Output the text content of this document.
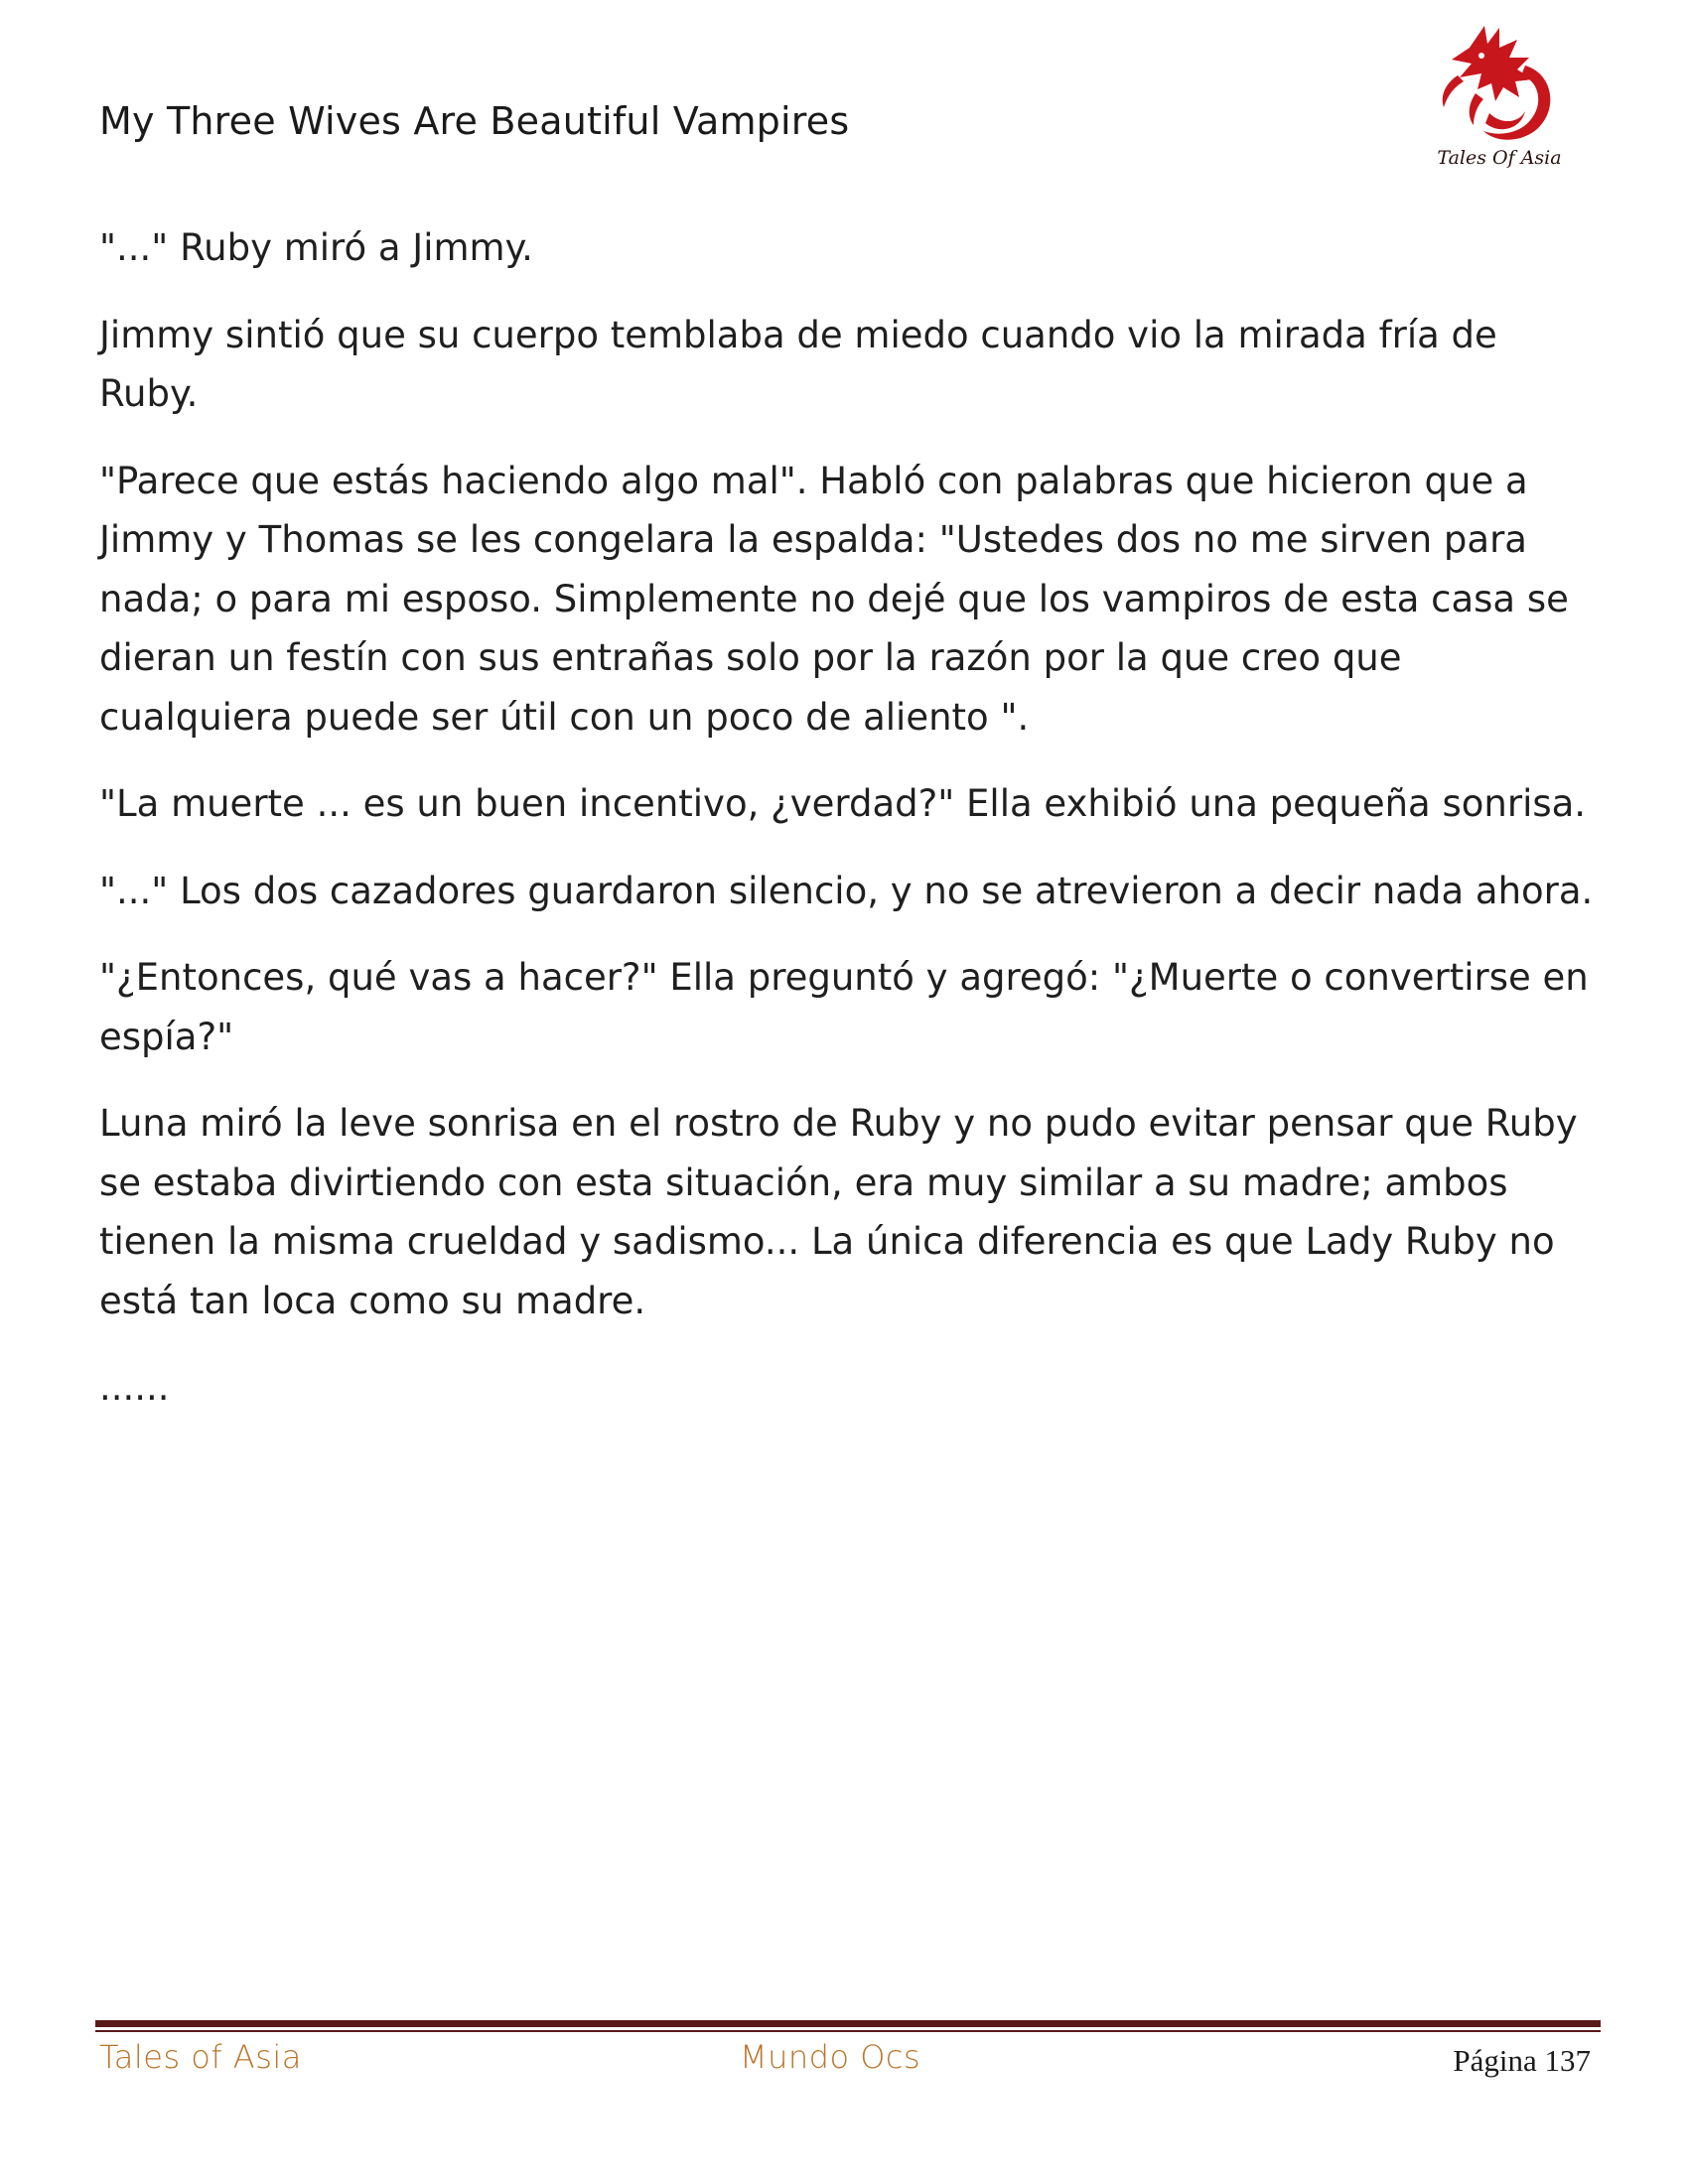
My Three Wives Are Beautiful Vampires
Tales Of Asia

"..." Ruby miró a Jimmy.

Jimmy sintió que su cuerpo temblaba de miedo cuando vio la mirada fría de Ruby.

"Parece que estás haciendo algo mal". Habló con palabras que hicieron que a Jimmy y Thomas se les congelara la espalda: "Ustedes dos no me sirven para nada; o para mi esposo. Simplemente no dejé que los vampiros de esta casa se dieran un festín con sus entrañas solo por la razón por la que creo que cualquiera puede ser útil con un poco de aliento ".

"La muerte ... es un buen incentivo, ¿verdad?" Ella exhibió una pequeña sonrisa.

"..." Los dos cazadores guardaron silencio, y no se atrevieron a decir nada ahora.

"¿Entonces, qué vas a hacer?" Ella preguntó y agregó: "¿Muerte o convertirse en espía?"

Luna miró la leve sonrisa en el rostro de Ruby y no pudo evitar pensar que Ruby se estaba divirtiendo con esta situación, era muy similar a su madre; ambos tienen la misma crueldad y sadismo... La única diferencia es que Lady Ruby no está tan loca como su madre.

......

Tales of Asia	Mundo Ocs	Página 137
